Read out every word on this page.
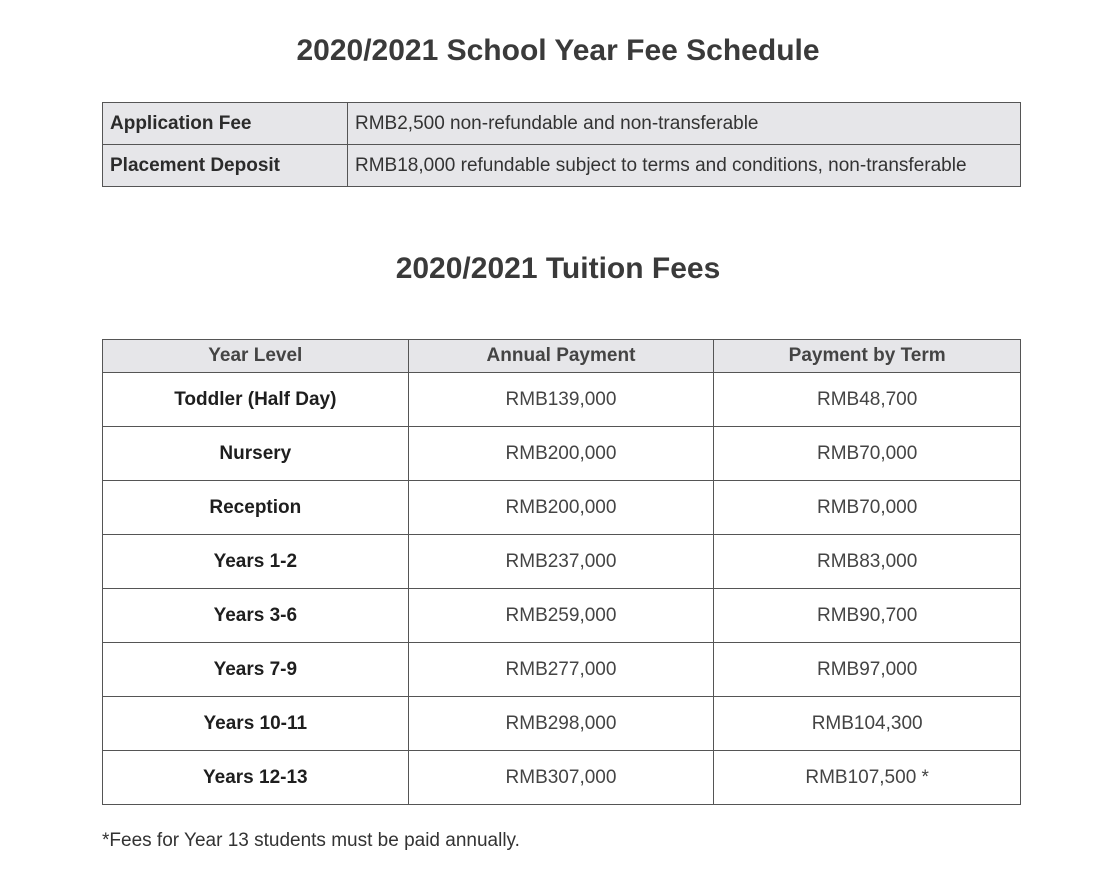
2020/2021 School Year Fee Schedule
Application Fee	RMB2,500 non-refundable and non-transferable
Placement Deposit	RMB18,000 refundable subject to terms and conditions, non-transferable
2020/2021 Tuition Fees
Year Level	Annual Payment	Payment by Term
Toddler (Half Day)	RMB139,000	RMB48,700
Nursery	RMB200,000	RMB70,000
Reception	RMB200,000	RMB70,000
Years 1-2	RMB237,000	RMB83,000
Years 3-6	RMB259,000	RMB90,700
Years 7-9	RMB277,000	RMB97,000
Years 10-11	RMB298,000	RMB104,300
Years 12-13	RMB307,000	RMB107,500 *

*Fees for Year 13 students must be paid annually.
